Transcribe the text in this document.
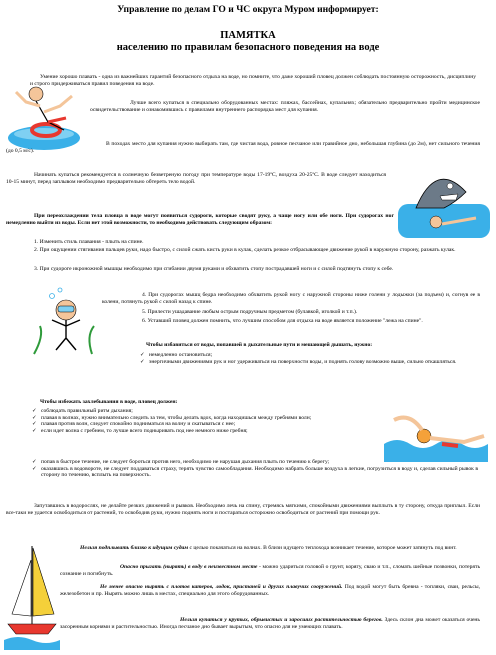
Управление по делам ГО и ЧС округа Муром информирует:
ПАМЯТКА
населению по правилам безопасного поведения на воде
Умение хорошо плавать - одна из важнейших гарантий безопасного отдыха на воде, но помните, что даже хороший пловец должен соблюдать постоянную осторожность, дисциплину и строго придерживаться правил поведения на воде.
Лучше всего купаться в специально оборудованных местах: пляжах, бассейнах, купальнях; обязательно предварительно пройти медицинское освидетельствование и ознакомившись с правилами внутреннего распорядка мест для купания.
В походах место для купания нужно выбирать там, где чистая вода, ровное песчаное или гравийное дно, небольшая глубина (до 2м), нет сильного течения (до 0,5 м/с).
Начинать купаться рекомендуется в солнечную безветреную погоду при температуре воды 17-19ºС, воздуха 20-25ºС. В воде следует находиться 10-15 минут, перед заплывом необходимо предварительно обтереть тело водой.
При переохлаждении тела пловца в воде могут появиться судороги, которые сводят руку, а чаще ногу или обе ноги. При судорогах ног немедленно выйти из воды. Если нет этой возможности, то необходимо действовать следующим образом:
1. Изменить стиль плавания - плыть на спине.
2. При ощущении стягивания пальцев руки, надо быстро, с силой сжать кисть руки в кулак, сделать резкое отбрасывающее движение рукой в наружную сторону, разжать кулак.
3. При судороге икроножной мышцы необходимо при сгибании двумя руками и обхватить стопу пострадавшей ноги и с силой подтянуть стопу к себе.
4. При судорогах мышц бедра необходимо обхватить рукой ногу с наружной стороны ниже голени у лодыжки (за подъем) и, согнув ее в колени, потянуть рукой с силой назад к спине.
5. Прилести ушадавание любым острым подручным предметом (булавкой, иголкой и т.п.).
6. Уставший пловец должен помнить, что лучшим способом для отдыха на воде является положение "лежа на спине".
Чтобы избавиться от воды, попавшей в дыхательные пути и мешающей дышать, нужно:
✓ немедленно остановиться;
✓ энергичными движениями рук и ног удерживаться на поверхности воды, и поднять голову возможно выше, сильно откашляться.
Чтобы избежать захлебывания в воде, пловец должен:
✓ соблюдать правильный ритм дыхания;
✓ плавая в волнах, нужно внимательно следить за тем, чтобы делать вдох, когда находишься между гребнями волн;
✓ плавая против волн, следует спокойно подниматься на волну и скатываться с нее;
✓ если идет волна с гребнем, то лучше всего подныривать под нее немного ниже гребня;
✓ попав в быстрое течение, не следует бороться против него, необходимо не нарушая дыхания плыть по течению к берегу;
✓ оказавшись в водовороте, не следует поддаваться страху, терять чувство самообладания. Необходимо набрать больше воздуха в легкие, погрузиться в воду и, сделав сильный рывок в сторону по течению, всплыть на поверхность.
Запутавшись в водорослях, не делайте резких движений и рывков. Необходимо лечь на спину, стремясь мягкими, спокойными движениями выплыть в ту сторону, откуда приплыл. Если все-таки не удается освободиться от растений, то освободив руки, нужно поднять ноги и постараться осторожно освободиться от растений при помощи рук.
Нельзя подплывать близко к идущим судам с целью покачаться на волнах. В близи идущего теплохода возникает течение, которое может затянуть под винт.
Опасно прыгать (нырять) в воду в неизвестном месте - можно удариться головой о грунт, корягу, сваю и т.п., сломать шейные позвонки, потерять сознание и погибнуть.
Не менее опасно нырять с плотов катеров, лодок, пристаней и других плавучих сооружений. Под водой могут быть бревна - топляки, сваи, рельсы, железобетон и пр. Нырять можно лишь в местах, специально для этого оборудованных.
Нельзя купаться у крутых, обрывистых и заросших растительностью берегов. Здесь склон дна может оказаться очень засоренным корнями и растительностью. Иногда песчаное дно бывает вырытым, что опасно для не умеющих плавать.
